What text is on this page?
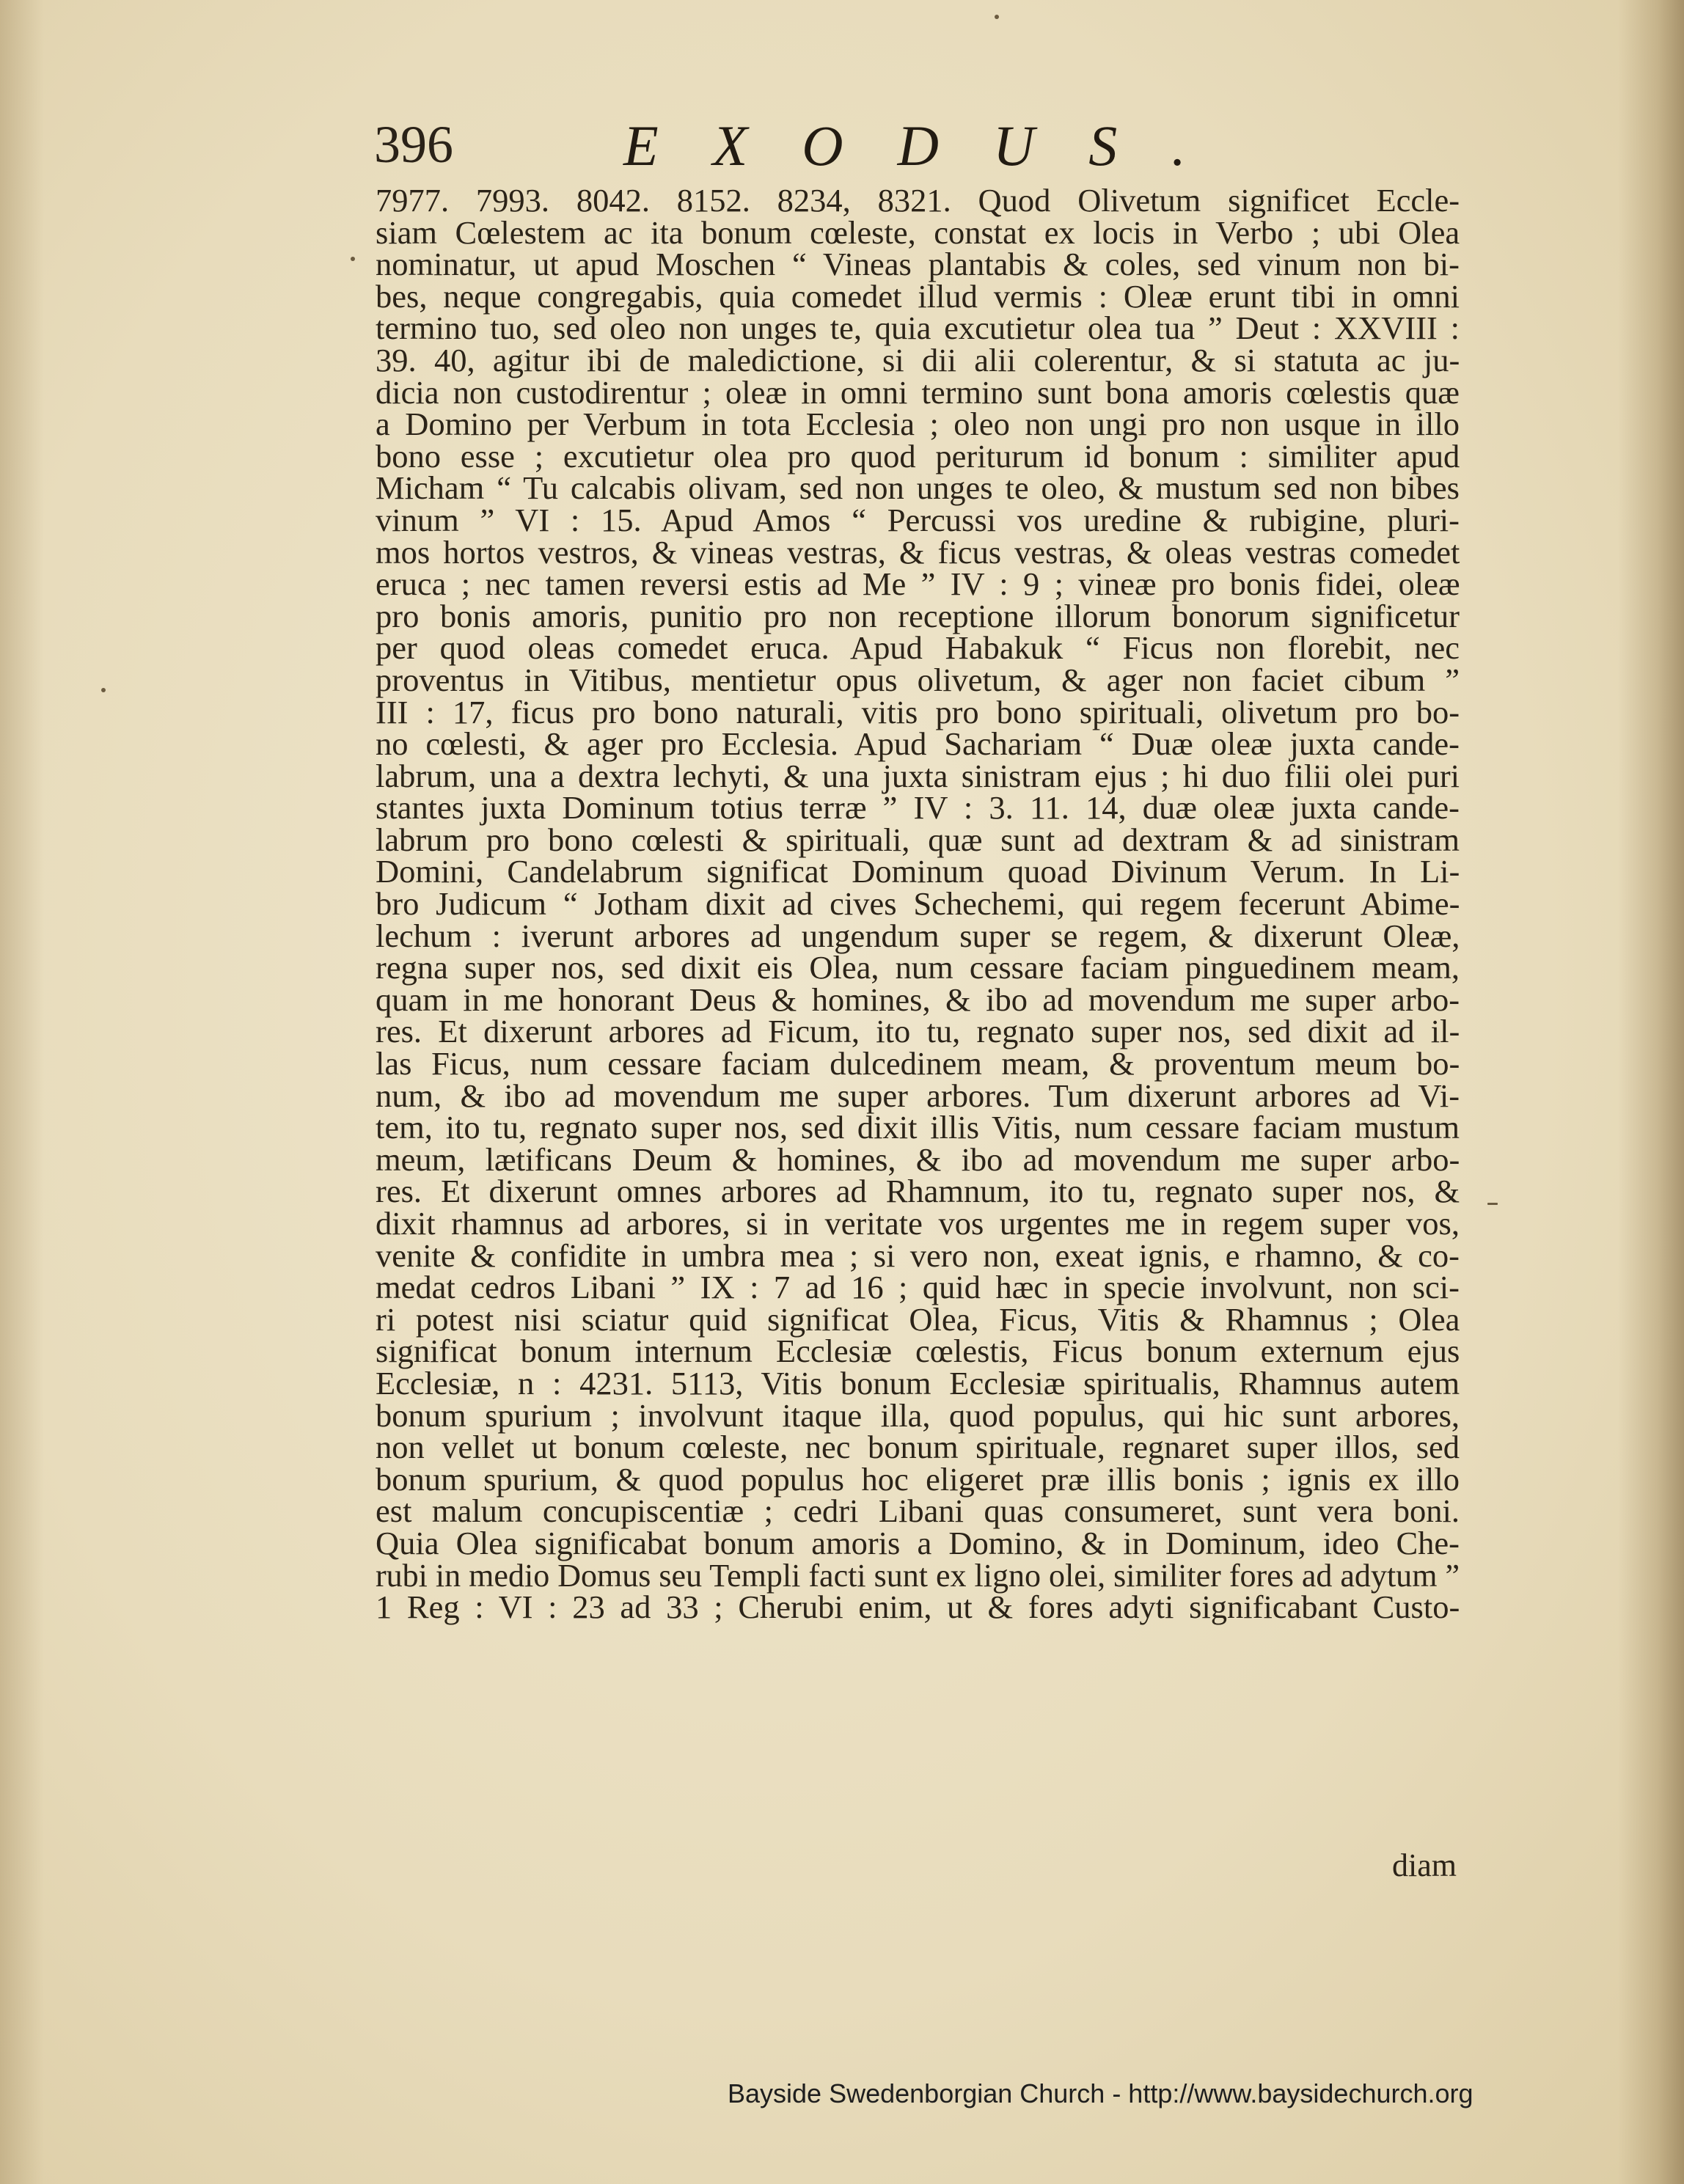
396	EXODUS.
7977. 7993. 8042. 8152. 8234, 8321. Quod Olivetum significet Eccle-
siam Cœlestem ac ita bonum cœleste, constat ex locis in Verbo ; ubi Olea
nominatur, ut apud Moschen “ Vineas plantabis & coles, sed vinum non bi-
bes, neque congregabis, quia comedet illud vermis : Oleæ erunt tibi in omni
termino tuo, sed oleo non unges te, quia excutietur olea tua ” Deut : XXVIII :
39. 40, agitur ibi de maledictione, si dii alii colerentur, & si statuta ac ju-
dicia non custodirentur ; oleæ in omni termino sunt bona amoris cœlestis quæ
a Domino per Verbum in tota Ecclesia ; oleo non ungi pro non usque in illo
bono esse ; excutietur olea pro quod periturum id bonum : similiter apud
Micham “ Tu calcabis olivam, sed non unges te oleo, & mustum sed non bibes
vinum ” VI : 15. Apud Amos “ Percussi vos uredine & rubigine, pluri-
mos hortos vestros, & vineas vestras, & ficus vestras, & oleas vestras comedet
eruca ; nec tamen reversi estis ad Me ” IV : 9 ; vineæ pro bonis fidei, oleæ
pro bonis amoris, punitio pro non receptione illorum bonorum significetur
per quod oleas comedet eruca. Apud Habakuk “ Ficus non florebit, nec
proventus in Vitibus, mentietur opus olivetum, & ager non faciet cibum ”
III : 17, ficus pro bono naturali, vitis pro bono spirituali, olivetum pro bo-
no cœlesti, & ager pro Ecclesia. Apud Sachariam “ Duæ oleæ juxta cande-
labrum, una a dextra lechyti, & una juxta sinistram ejus ; hi duo filii olei puri
stantes juxta Dominum totius terræ ” IV : 3. 11. 14, duæ oleæ juxta cande-
labrum pro bono cœlesti & spirituali, quæ sunt ad dextram & ad sinistram
Domini, Candelabrum significat Dominum quoad Divinum Verum. In Li-
bro Judicum “ Jotham dixit ad cives Schechemi, qui regem fecerunt Abime-
lechum : iverunt arbores ad ungendum super se regem, & dixerunt Oleæ,
regna super nos, sed dixit eis Olea, num cessare faciam pinguedinem meam,
quam in me honorant Deus & homines, & ibo ad movendum me super arbo-
res. Et dixerunt arbores ad Ficum, ito tu, regnato super nos, sed dixit ad il-
las Ficus, num cessare faciam dulcedinem meam, & proventum meum bo-
num, & ibo ad movendum me super arbores. Tum dixerunt arbores ad Vi-
tem, ito tu, regnato super nos, sed dixit illis Vitis, num cessare faciam mustum
meum, lætificans Deum & homines, & ibo ad movendum me super arbo-
res. Et dixerunt omnes arbores ad Rhamnum, ito tu, regnato super nos, &
dixit rhamnus ad arbores, si in veritate vos urgentes me in regem super vos,
venite & confidite in umbra mea ; si vero non, exeat ignis, e rhamno, & co-
medat cedros Libani ” IX : 7 ad 16 ; quid hæc in specie involvunt, non sci-
ri potest nisi sciatur quid significat Olea, Ficus, Vitis & Rhamnus ; Olea
significat bonum internum Ecclesiæ cœlestis, Ficus bonum externum ejus
Ecclesiæ, n : 4231. 5113, Vitis bonum Ecclesiæ spiritualis, Rhamnus autem
bonum spurium ; involvunt itaque illa, quod populus, qui hic sunt arbores,
non vellet ut bonum cœleste, nec bonum spirituale, regnaret super illos, sed
bonum spurium, & quod populus hoc eligeret præ illis bonis ; ignis ex illo
est malum concupiscentiæ ; cedri Libani quas consumeret, sunt vera boni.
Quia Olea significabat bonum amoris a Domino, & in Dominum, ideo Che-
rubi in medio Domus seu Templi facti sunt ex ligno olei, similiter fores ad adytum ”
1 Reg : VI : 23 ad 33 ; Cherubi enim, ut & fores adyti significabant Custo-
diam
Bayside Swedenborgian Church - http://www.baysidechurch.org
